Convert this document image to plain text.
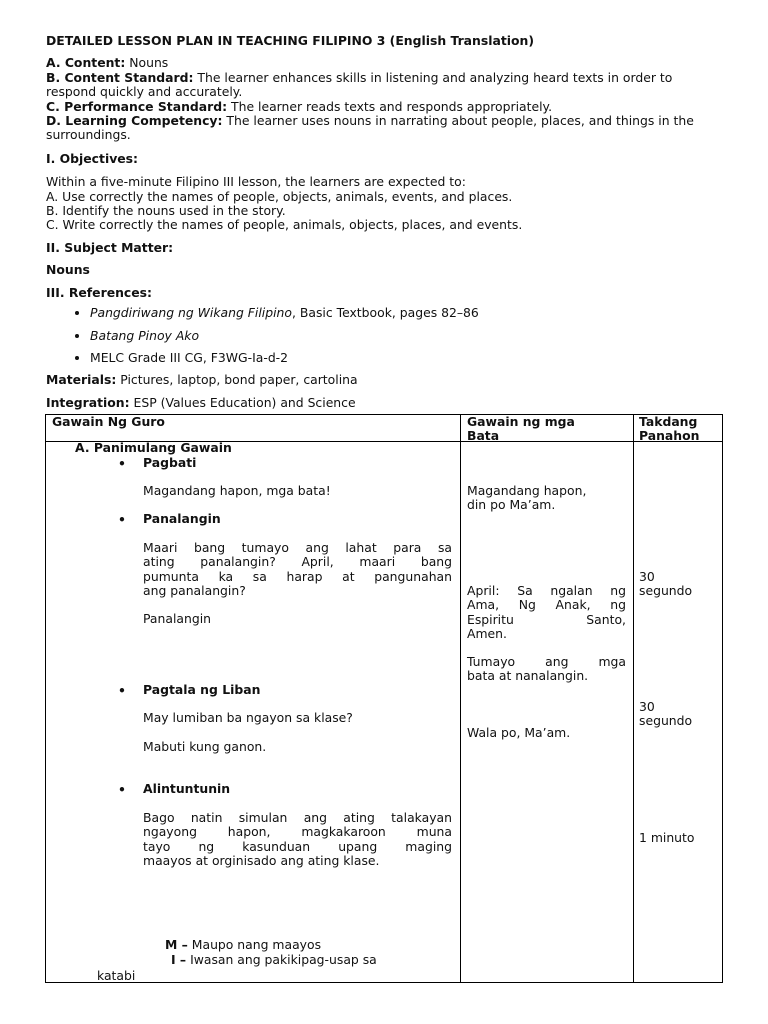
DETAILED LESSON PLAN IN TEACHING FILIPINO 3 (English Translation)

A. Content: Nouns

B. Content Standard: The learner enhances skills in listening and analyzing heard texts in order to respond quickly and accurately.

C. Performance Standard: The learner reads texts and responds appropriately.

D. Learning Competency: The learner uses nouns in narrating about people, places, and things in the surroundings.

I. Objectives:

Within a five-minute Filipino III lesson, the learners are expected to:

A. Use correctly the names of people, objects, animals, events, and places.

B. Identify the nouns used in the story.

C. Write correctly the names of people, animals, objects, places, and events.

II. Subject Matter:

Nouns

III. References:

• Pangdiriwang ng Wikang Filipino, Basic Textbook, pages 82–86
• Batang Pinoy Ako
• MELC Grade III CG, F3WG-Ia-d-2

Materials: Pictures, laptop, bond paper, cartolina

Integration: ESP (Values Education) and Science

Gawain Ng Guro	Gawain ng mga
Bata
Takdang
Panahon
A. Panimulang Gawain
• Pagbati
Magandang hapon, mga bata!	Magandang hapon,
din po Ma’am.
• Panalangin
Maari bang tumayo ang lahat para sa
ating panalangin? April, maari bang
pumunta ka sa harap at pangunahan
ang panalangin?
Panalangin
April: Sa ngalan ng
Ama, Ng Anak, ng
Espiritu Santo,
Amen.
Tumayo ang mga
bata at nanalangin.
30
segundo
• Pagtala ng Liban
May lumiban ba ngayon sa klase?
Mabuti kung ganon.
Wala po, Ma’am.
30
segundo
• Alintuntunin
Bago natin simulan ang ating talakayan
ngayong hapon, magkakaroon muna
tayo ng kasunduan upang maging
maayos at orginisado ang ating klase.
1 minuto
M – Maupo nang maayos
I – Iwasan ang pakikipag-usap sa
katabi
